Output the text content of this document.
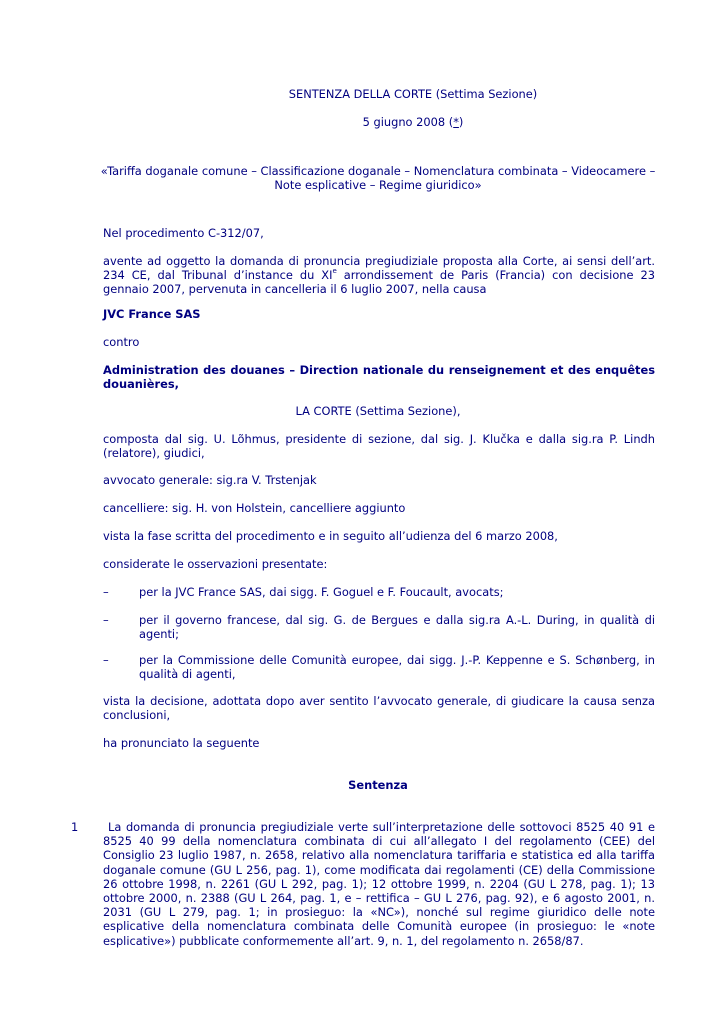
SENTENZA DELLA CORTE (Settima Sezione)

5 giugno 2008 (*)

«Tariffa doganale comune – Classificazione doganale – Nomenclatura combinata – Videocamere – Note esplicative – Regime giuridico»

Nel procedimento C-312/07,

avente ad oggetto la domanda di pronuncia pregiudiziale proposta alla Corte, ai sensi dell’art. 234 CE, dal Tribunal d’instance du XIe arrondissement de Paris (Francia) con decisione 23 gennaio 2007, pervenuta in cancelleria il 6 luglio 2007, nella causa

JVC France SAS

contro

Administration des douanes – Direction nationale du renseignement et des enquêtes douanières,

LA CORTE (Settima Sezione),

composta dal sig. U. Lõhmus, presidente di sezione, dal sig. J. Klučka e dalla sig.ra P. Lindh (relatore), giudici,

avvocato generale: sig.ra V. Trstenjak

cancelliere: sig. H. von Holstein, cancelliere aggiunto

vista la fase scritta del procedimento e in seguito all’udienza del 6 marzo 2008,

considerate le osservazioni presentate:

–	per la JVC France SAS, dai sigg. F. Goguel e F. Foucault, avocats;
–	per il governo francese, dal sig. G. de Bergues e dalla sig.ra A.-L. During, in qualità di agenti;
–	per la Commissione delle Comunità europee, dai sigg. J.-P. Keppenne e S. Schønberg, in qualità di agenti,

vista la decisione, adottata dopo aver sentito l’avvocato generale, di giudicare la causa senza conclusioni,

ha pronunciato la seguente

Sentenza

1	La domanda di pronuncia pregiudiziale verte sull’interpretazione delle sottovoci 8525 40 91 e 8525 40 99 della nomenclatura combinata di cui all’allegato I del regolamento (CEE) del Consiglio 23 luglio 1987, n. 2658, relativo alla nomenclatura tariffaria e statistica ed alla tariffa doganale comune (GU L 256, pag. 1), come modificata dai regolamenti (CE) della Commissione 26 ottobre 1998, n. 2261 (GU L 292, pag. 1); 12 ottobre 1999, n. 2204 (GU L 278, pag. 1); 13 ottobre 2000, n. 2388 (GU L 264, pag. 1, e – rettifica – GU L 276, pag. 92), e 6 agosto 2001, n. 2031 (GU L 279, pag. 1; in prosieguo: la «NC»), nonché sul regime giuridico delle note esplicative della nomenclatura combinata delle Comunità europee (in prosieguo: le «note esplicative») pubblicate conformemente all’art. 9, n. 1, del regolamento n. 2658/87.
